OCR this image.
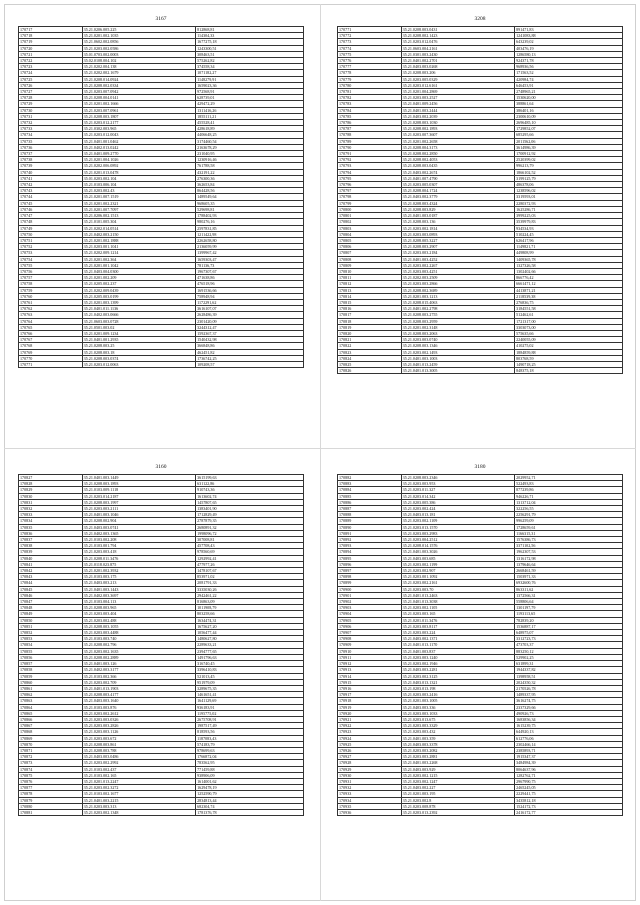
3167
170717	35.21.0206.005.225	812868,81
170718	35.21.0201.002.1035	114304,33
170719	35.21.0602.002.0856	1677275,18
170720	35.21.0203.002.0586	1243300,51
170721	35.01.0703.002.0003	308463,51
170722	35.02.0108.004.102	575262,82
170723	35.21.0202.004.138	374558,34
170724	35.21.0202.002.1679	1071182,27
170725	35.21.0208.014.0924	1148279,91
170726	35.21.0208.002.0334	1659023,36
170727	35.21.0203.007.0942	972568,91
170728	35.21.0208.004.0141	628739,01
170729	35.21.0201.002.1666	429472,29
170730	35.21.0203.007.0961	1311416,26
170731	35.21.0208.003.1807	1855111,21
170732	35.21.0203.012.2177	455528,41
170733	35.21.0302.003.965	428618,89
170734	35.21.0203.012.0043	4406648,25
170735	35.21.0401.001.0462	3174460,54
170736	35.21.0402.013.0242	2163678,29
170737	35.21.0401.009.2770	231040,95
170738	35.21.0201.004.1026	1230916,46
170739	35.21.0202.006.0892	761788,58
170740	35.21.0201.013.0478	432191,22
170741	35.01.0203.002.104	276300,36
170742	35.21.0103.006.104	362653,84
170743	35.21.0203.002.43	864428,56
170744	35.21.0201.007.1519	1489549,64
170745	35.21.0201.002.2321	968605,35
170746	35.21.0201.007.7097	529698,81
170747	35.21.0206.002.1513	1788402,93
170748	35.21.0101.005.304	980276,16
170749	35.21.0202.014.0514	2597831,85
170750	35.21.0402.003.2150	1211422,98
170751	35.21.0201.002.1888	2262658,80
170752	35.21.0203.001.1041	2136059,99
170753	35.21.0202.009.1214	1399967,42
170754	35.21.0201.002.364	1659303,47
170755	35.21.0201.001.1042	781136,73
170756	35.21.0403.004.0300	1967307,67
170757	35.21.0201.002.209	471638,86
170758	35.21.0205.002.237	476518,96
170759	35.21.0202.009.0439	1691536,66
170760	35.21.0205.003.0199	758948,94
170761	35.21.0201.003.1399	1172291,62
170762	35.21.0401.011.1136	3616107,07
170763	35.21.0402.003.0666	2628486,39
170764	35.21.0603.003.0728	2301420,09
170765	35.21.0501.003.02	3244312,47
170766	35.21.0201.009.1234	1592367,37
170767	35.21.0401.001.2935	1540432,98
170768	35.21.0208.003.25	366848,86
170769	35.21.0208.003.18	462451,82
170770	35.21.0208.003.0374	1736742,25
170771	35.21.0203.012.0063	109208,57
3208
170771	35.21.0208.003.0431	891471,83
170772	35.21.0208.002.1423	1241083,88
170773	35.21.0203.012.0476	643239,02
170774	35.21.0603.004.2161	403476,19
170775	35.21.0301.003.2430	1286580,13
170776	35.21.0401.002.2701	924371,78
170777	35.21.0403.003.0268	968936,56
170778	35.21.0208.003.206	171563,52
170779	35.21.0203.005.0329	420984,74
170780	35.21.0203.012.6161	646453,91
170781	35.21.0201.004.2869	2748965,21
170782	35.21.0203.003.2527	1530620,00
170783	35.21.0401.009.2456	388861,64
170784	35.21.0401.003.2444	386401,16
170785	35.21.0403.002.2039	2300610,09
170786	35.21.0208.003.1030	2696485,10
170787	35.21.0208.002.1893	1729852,07
170788	35.21.0203.007.3607	685295,66
170789	35.21.0201.002.2658	2011562,06
170790	35.21.0208.004.3173	3614986,39
170791	35.21.0208.002.2850	1700912,92
170792	35.21.0208.002.4053	2520399,02
170793	35.21.0208.003.0435	996213,79
170794	35.21.0403.002.2674	1866102,52
170795	35.21.0401.007.4790	3199125,79
170796	35.21.0203.005.0307	486378,06
170797	35.21.0208.004.1724	1238596,02
170798	35.21.0403.002.3779	3319593,01
170799	35.21.0208.003.4324	2280372,93
170800	35.21.0208.003.829	1625286,71
170801	35.21.0401.003.0187	3999225,03
170802	35.21.0208.003.136	3539979,83
170803	35.21.0203.002.1814	934534,93
170804	35.21.0203.003.0893	510224,45
170805	35.21.0208.005.3227	626417,96
170806	35.21.0208.003.2907	1149821,71
170807	35.21.0203.003.2184	449808,99
170808	35.21.0401.003.4252	1409365,78
170809	35.21.0203.002.2267	1327326,58
170810	35.21.0203.003.4251	1302402,66
170811	35.21.0202.003.2509	866776,42
170812	35.21.0203.003.2866	6661471,12
170813	35.21.0208.002.3689	4413871,21
170814	35.21.0201.003.1213	2118539,38
170815	35.21.0208.015.4063	276836,75
170816	35.21.0401.002.2798	3184551,58
170817	35.21.0208.003.2755	512462,61
170818	35.21.0208.003.2959	1721317,00
170819	35.21.0201.002.3148	3303073,00
170820	35.21.0208.003.2063	575635,66
170821	35.21.0203.003.0740	2240055,09
170822	35.21.0208.003.1346	410275,02
170823	35.21.0203.002.1493	1884859,88
170824	35.21.0401.003.1003	803768,59
170825	35.21.0401.013.2459	1490718,25
170826	35.21.0401.013.3005	848375,18
3160
170827	35.21.0401.003.1449	3615199,63
170828	35.21.0208.003.1893	631122,86
170829	35.21.0103.009.1118	910743,36
170830	35.21.0203.014.2187	1613602,74
170831	35.21.0208.003.1997	1457807,65
170832	35.21.0203.003.2111	1383401,90
170833	35.21.0401.003.1046	1712829,49
170834	35.21.0208.002.904	2787879,35
170835	35.21.0403.003.0741	2680891,32
170836	35.21.0402.003.1365	1998096,72
170837	35.21.0103.002.208	307008,81
170838	35.21.0103.001.794	457708,43
170839	35.21.0203.003.418	978560,69
170840	35.21.0208.011.3476	1292992,41
170841	35.21.0118.023.875	477977,26
170842	35.21.0201.002.3932	1478107,67
170843	35.21.0103.003.175	853971,02
170844	35.21.0403.003.213	2081791,33
170845	35.21.0401.003.1443	3335030,26
170846	35.21.0402.003.3697	2942461,22
170847	35.21.0103.004.113	816863,09
170848	35.21.0208.003.965	1011908,79
170849	35.21.0203.003.404	803258,66
170850	35.21.0203.002.488	1634474,31
170851	35.21.0208.003.1055	1675627,20
170852	35.21.0203.003.4488	1056477,44
170853	35.21.0103.003.740	1480627,80
170854	35.21.0208.002.796	2289633,21
170855	35.21.0203.002.1635	2394777,65
170856	35.21.0208.002.2889	1491796,63
170857	35.21.0401.003.126	316740,45
170858	35.21.0402.003.3177	3396410,83
170859	35.21.0103.002.366	521013,45
170860	35.21.0203.002.709	951979,09
170861	35.21.0401.013.1903	3289675,35
170862	35.21.0208.003.4177	1461651,41
170863	35.21.0403.003.1640	1641129,69
170864	35.21.0103.003.876	936183,91
170865	35.21.0203.002.2612	1195775,02
170866	35.21.0203.003.0326	2675708,91
170867	35.21.0203.003.2826	1987517,49
170868	35.21.0203.003.1126	818593,56
170869	35.21.0203.003.672	1187083,43
170870	35.21.0208.003.861	574183,79
170871	35.21.0208.003.788	978699,63
170872	35.21.0403.003.0486	1766872,04
170873	35.21.0203.002.2992	783562,95
170874	35.21.0103.002.437	771459,88
170875	35.21.0103.002.165	938906,09
170876	35.21.0201.013.2247	1614001,62
170877	35.21.0203.002.3272	1629478,19
170878	35.21.0103.002.1677	1252590,79
170879	35.21.0401.003.2215	2834813,44
170880	35.21.0203.003.313	682304,74
170881	35.21.0203.002.1348	1781376,78
3180
170882	35.21.0208.003.2346	2029952,71
170883	35.21.0203.003.953	522493,83
170884	35.21.0203.011.327	877239,86
170885	35.21.0203.014.342	946226,71
170886	35.21.0203.005.386	1313712,04
170887	35.21.0203.002.424	322256,55
170888	35.21.0403.013.181	2256291,79
170889	35.21.0203.002.1109	996259,09
170890	35.21.0203.013.1570	1728659,61
170891	35.21.0203.003.2983	1166315,31
170892	35.21.0203.004.2512	1576386,73
170893	35.21.0208.014.1576	3371102,56
170894	35.21.0401.003.3026	1962307,53
170895	35.21.0403.003.685	1316172,98
170896	35.21.0203.002.1199	1379646,64
170897	35.21.0203.002.907	2668461,59
170898	35.21.0203.001.1092	1503971,33
170899	35.21.0203.002.2161	6932600,76
170900	35.21.0203.003.70	863311,62
170901	35.21.0401.013.2463	1372566,31
170902	35.21.0401.013.3038	558806,64
170903	35.21.0203.002.1105	1301197,79
170904	35.21.0203.003.165	1193113,65
170905	35.21.0201.011.3476	782839,20
170906	35.21.0203.003.8117	1536887,17
170907	35.21.0203.003.224	648975,07
170908	35.21.0403.002.1371	3312723,73
170909	35.21.0401.013.1170	473703,37
170910	35.21.0401.003.837	883250,12
170911	35.21.0203.003.1240	529902,25
170912	35.21.0203.002.1946	631899,31
170913	35.21.0403.003.2281	1944337,82
170914	35.21.0203.002.3125	1398958,51
170915	35.21.0403.013.1321	2024350,32
170916	35.21.0203.013.198	2170526,78
170917	35.21.0203.003.2416	1489337,95
170918	35.21.0201.003.1005	3616274,75
170919	35.21.0403.003.336	2337329,66
170920	35.21.0203.003.1033	490926,73
170921	35.21.0203.013.675	1683856,34
170922	35.21.0203.003.3329	1615239,75
170923	35.21.0203.003.432	644920,13
170924	35.21.0401.003.359	612776,06
170925	35.21.0403.003.3378	2302466,14
170926	35.21.0203.003.2082	2385893,71
170927	35.21.0203.003.2881	1915347,37
170928	35.21.0401.003.2268	3484984,39
170929	35.21.0403.003.929	8064637,96
170930	35.21.0203.002.1215	1282762,71
170931	35.21.0203.002.1247	2967990,75
170932	35.21.0403.002.227	2465245,05
170933	35.21.0201.003.195	2229441,75
170934	35.21.0203.002.8	3435812,18
170935	35.21.0203.008.878	1524172,73
170936	35.21.0203.013.2392	2416172,77
